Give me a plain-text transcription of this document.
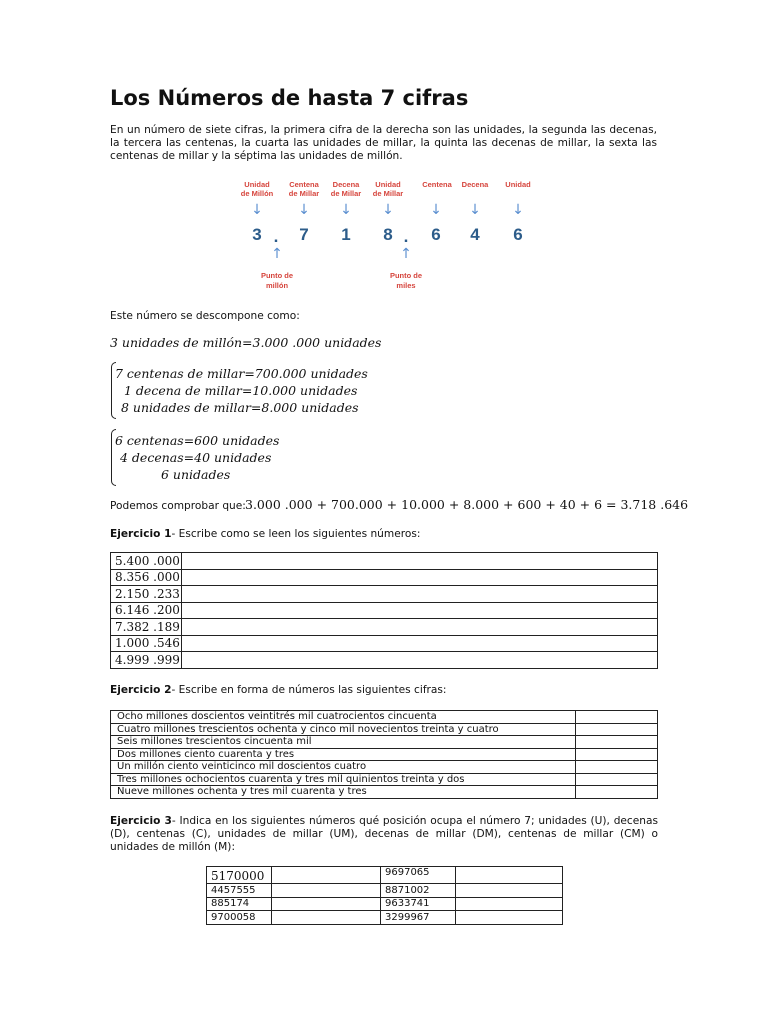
Los Números de hasta 7 cifras

En un número de siete cifras, la primera cifra de la derecha son las unidades, la segunda las decenas, la tercera las centenas, la cuarta las unidades de millar, la quinta las decenas de millar, la sexta las centenas de millar y la séptima las unidades de millón.

Unidad
de Millón
Centena
de Millar
Decena
de Millar
Unidad
de Millar
Centena	Decena	Unidad
↓	↓ ↓ ↓	↓ ↓ ↓
3 .	7	1	8 .	6	4	6
↑	↑
Punto de
millón
Punto de
miles
Este número se descompone como:
3 unidades de millón=3.000 .000 unidades
7 centenas de millar=700.000 unidades
1 decena de millar=10.000 unidades
8 unidades de millar=8.000 unidades
6 centenas=600 unidades
4 decenas=40 unidades
6 unidades
Podemos comprobar que: 3.000 .000 + 700.000 + 10.000 + 8.000 + 600 + 40 + 6 = 3.718 .646
Ejercicio 1- Escribe como se leen los siguientes números:
5.400 .000	
8.356 .000	
2.150 .233	
6.146 .200	
7.382 .189	
1.000 .546	
4.999 .999	
Ejercicio 2- Escribe en forma de números las siguientes cifras:
Ocho millones doscientos veintitrés mil cuatrocientos cincuenta	
Cuatro millones trescientos ochenta y cinco mil novecientos treinta y cuatro	
Seis millones trescientos cincuenta mil	
Dos millones ciento cuarenta y tres	
Un millón ciento veinticinco mil doscientos cuatro	
Tres millones ochocientos cuarenta y tres mil quinientos treinta y dos	
Nueve millones ochenta y tres mil cuarenta y tres	
Ejercicio 3- Indica en los siguientes números qué posición ocupa el número 7; unidades (U), decenas (D), centenas (C), unidades de millar (UM), decenas de millar (DM), centenas de millar (CM) o unidades de millón (M):
5170000		9697065	
4457555		8871002	
885174		9633741	
9700058		3299967	
